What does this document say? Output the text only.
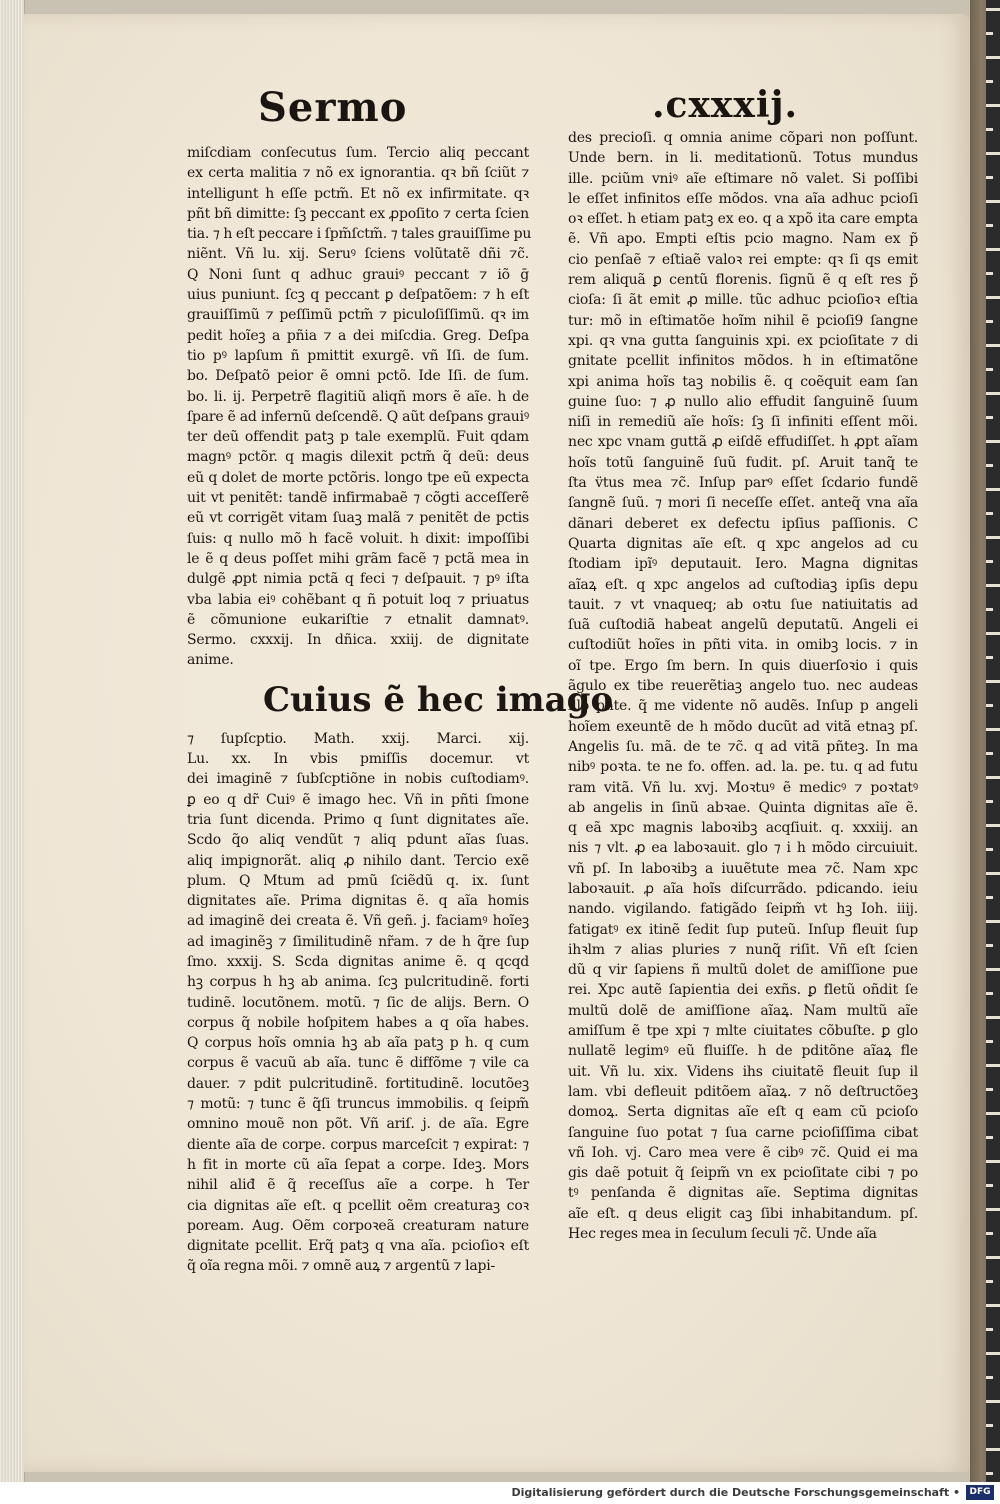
Sermo	.cxxxij.

miſcdiam conſecutus ſum. Tercio aliq peccant

ex certa malitia ⁊ nõ ex ignorantia. qꝛ bñ ſciũt ⁊

intelligunt h eſſe pctm̃. Et nõ ex infirmitate. qꝛ

pñt bñ dimitte: ſꝫ peccant ex ꝓpoſito ⁊ certa ſcien

tia. ⁊ h eſt peccare i ſpm̃ſctm̃. ⁊ tales grauiſſime pu

niẽnt. Vñ lu. xij. Seruꝰ ſciens volũtatẽ dñi ⁊c̃.

Q Noni ſunt q adhuc grauiꝰ peccant ⁊ iõ ḡ

uius puniunt. ſcꝫ q peccant ꝑ deſpatõem: ⁊ h eſt

grauiſſimũ ⁊ peſſimũ pctm̃ ⁊ piculoſiſſimũ. qꝛ im

pedit hoĩeꝫ a pñia ⁊ a dei miſcdia. Greg. Deſpa

tio pꝰ lapſum ñ pmittit exurgẽ. vñ Iſi. de ſum.

bo. Deſpatõ peior ẽ omni pctõ. Ide Iſi. de ſum.

bo. li. ij. Perpetrẽ flagitiũ aliqñ mors ẽ aĩe. h de

ſpare ẽ ad infernũ deſcendẽ. Q aũt deſpans grauiꝰ

ter deũ offendit patꝫ p tale exemplũ. Fuit qdam

magnꝰ pctõr. q magis dilexit pctm̃ q̃ deũ: deus

eũ q dolet de morte pctõris. longo tpe eũ expecta

uit vt penitẽt: tandẽ infirmabaẽ ⁊ cõgti acceſſerẽ

eũ vt corrigẽt vitam ſuaꝫ malã ⁊ penitẽt de pctis

ſuis: q nullo mõ h facẽ voluit. h dixit: impoſſibi

le ẽ q deus poſſet mihi grãm facẽ ⁊ pctã mea in

dulgẽ ꝓpt nimia pctã q feci ⁊ deſpauit. ⁊ pꝰ iſta

vba labia eiꝰ cohẽbant q ñ potuit loq ⁊ priuatus

ẽ cõmunione eukariſtie ⁊ etnalit damnatꝰ.

Sermo. cxxxij. In dñica. xxiij. de dignitate

anime.

Cuius ẽ hec imago

⁊ ſupſcptio. Math. xxij. Marci. xij.

Lu. xx. In vbis pmiſſis docemur. vt

dei imaginẽ ⁊ ſubſcptiõne in nobis cuſtodiamꝰ.

ꝑ eo q dr̃ Cuiꝰ ẽ imago hec. Vñ in pñti ſmone

tria ſunt dicenda. Primo q ſunt dignitates aĩe.

Scdo q̃o aliq vendũt ⁊ aliq pdunt aĩas ſuas.

aliq impignorãt. aliq ꝓ nihilo dant. Tercio exẽ

plum. Q Mtum ad pmũ ſciẽdũ q. ix. ſunt

dignitates aĩe. Prima dignitas ẽ. q aĩa homis

ad imaginẽ dei creata ẽ. Vñ geñ. j. faciamꝰ hoĩeꝫ

ad imaginẽꝫ ⁊ ſimilitudinẽ nr̃am. ⁊ de h q̃re ſup

ſmo. xxxij. S. Scda dignitas anime ẽ. q qcqd

hꝫ corpus h hꝫ ab anima. ſcꝫ pulcritudinẽ. forti

tudinẽ. locutõnem. motũ. ⁊ ſic de alijs. Bern. O

corpus q̃ nobile hoſpitem habes a q oĩa habes.

Q corpus hoĩs omnia hꝫ ab aĩa patꝫ p h. q cum

corpus ẽ vacuũ ab aĩa. tunc ẽ diffõme ⁊ vile ca

dauer. ⁊ pdit pulcritudinẽ. fortitudinẽ. locutõeꝫ

⁊ motũ: ⁊ tunc ẽ q̃ſi truncus immobilis. q ſeipm̃

omnino mouẽ non põt. Vñ ariſ. j. de aĩa. Egre

diente aĩa de corpe. corpus marceſcit ⁊ expirat: ⁊

h fit in morte cũ aĩa ſepat a corpe. Ideꝫ. Mors

nihil aliđ ẽ q̃ receſſus aĩe a corpe. h Ter

cia dignitas aĩe eſt. q pcellit oẽm creaturaꝫ coꝛ

poream. Aug. Oẽm corpoꝛeã creaturam nature

dignitate pcellit. Erq̃ patꝫ q vna aĩa. pcioſioꝛ eſt

q̃ oĩa regna mõi. ⁊ omnẽ auꝝ ⁊ argentũ ⁊ lapi-

des precioſi. q omnia anime cõpari non poſſunt.

Unde bern. in li. meditationũ. Totus mundus

ille. pciũm vniꝰ aĩe eſtimare nõ valet. Si poſſibi

le eſſet infinitos eſſe mõdos. vna aĩa adhuc pcioſi

oꝛ eſſet. h etiam patꝫ ex eo. q a xpõ ita care empta

ẽ. Vñ apo. Empti eſtis pcio magno. Nam ex p̃

cio penſaẽ ⁊ eſtiaẽ valoꝛ rei empte: qꝛ ſi qs emit

rem aliquã ꝑ centũ florenis. ſignũ ẽ q eſt res p̃

cioſa: ſi ãt emit ꝓ mille. tũc adhuc pcioſioꝛ eſtia

tur: mõ in eſtimatõe hoĩm nihil ẽ pcioſi9 ſangne

xpi. qꝛ vna gutta ſanguinis xpi. ex pcioſitate ⁊ di

gnitate pcellit infinitos mõdos. h in eſtimatõne

xpi anima hoĩs taꝫ nobilis ẽ. q coẽquit eam ſan

guine ſuo: ⁊ ꝓ nullo alio effudit ſanguinẽ ſuum

niſi in remediũ aĩe hoĩs: ſꝫ ſi infiniti eſſent mõi.

nec xpc vnam guttã ꝓ eiſdẽ effudiſſet. h ꝓpt aĩam

hoĩs totũ ſanguinẽ ſuũ fudit. pſ. Aruit tanq̃ te

ſta v̈tus mea ⁊c̃. Inſup parꝰ eſſet ſcdario fundẽ

ſangnẽ ſuũ. ⁊ mori ſi neceſſe eſſet. anteq̃ vna aĩa

dãnari deberet ex defectu ipſius paſſionis. C

Quarta dignitas aĩe eſt. q xpc angelos ad cu

ſtodiam ipĩꝰ deputauit. Iero. Magna dignitas

aĩaꝝ eſt. q xpc angelos ad cuſtodiaꝫ ipſis depu

tauit. ⁊ vt vnaqueq; ab oꝛtu ſue natiuitatis ad

ſuã cuſtodiã habeat angelũ deputatũ. Angeli ei

cuſtodiũt hoĩes in pñti vita. in omibꝫ locis. ⁊ in

oĩ tpe. Ergo ſm bern. In quis diuerſoꝛio i quis

ãgulo ex tibe reuerẽtiaꝫ angelo tuo. nec audeas

illo pñte. q̃ me vidente nõ audẽs. Inſup p angeli

hoĩem exeuntẽ de h mõdo ducũt ad vitã etnaꝫ pſ.

Angelis ſu. mã. de te ⁊c̃. q ad vitã pñteꝫ. In ma

nibꝰ poꝛta. te ne fo. offen. ad. la. pe. tu. q ad futu

ram vitã. Vñ lu. xvj. Moꝛtuꝰ ẽ medicꝰ ⁊ poꝛtatꝰ

ab angelis in ſinũ abꝛae. Quinta dignitas aĩe ẽ.

q eã xpc magnis laboꝛibꝫ acqſiuit. q. xxxiij. an

nis ⁊ vlt. ꝓ ea laboꝛauit. glo ⁊ i h mõdo circuiuit.

vñ pſ. In laboꝛibꝫ a iuuẽtute mea ⁊c̃. Nam xpc

laboꝛauit. ꝓ aĩa hoĩs diſcurrãdo. pdicando. ieiu

nando. vigilando. fatigãdo ſeipm̃ vt hꝫ Ioh. iiij.

fatigatꝰ ex itinẽ ſedit ſup puteũ. Inſup fleuit ſup

ihꝛlm ⁊ alias pluries ⁊ nunq̃ riſit. Vñ eſt ſcien

dũ q vir ſapiens ñ multũ dolet de amiſſione pue

rei. Xpc autẽ ſapientia dei exñs. ꝑ fletũ oñdit ſe

multũ dolẽ de amiſſione aĩaꝝ. Nam multũ aĩe

amiſſum ẽ tpe xpi ⁊ mlte ciuitates cõbuſte. ꝑ glo

nullatẽ legimꝰ eũ fluiſſe. h de pditõne aĩaꝝ fle

uit. Vñ lu. xix. Videns ihs ciuitatẽ fleuit ſup il

lam. vbi defleuit pditõem aĩaꝝ. ⁊ nõ deſtructõeꝫ

domoꝝ. Serta dignitas aĩe eſt q eam cũ pcioſo

ſanguine ſuo potat ⁊ ſua carne pcioſiſſima cibat

vñ Ioh. vj. Caro mea vere ẽ cibꝰ ⁊c̃. Quid ei ma

gis daẽ potuit q̃ ſeipm̃ vn ex pcioſitate cibi ⁊ po

tꝰ penſanda ẽ dignitas aĩe. Septima dignitas

aĩe eſt. q deus eligit caꝫ ſibi inhabitandum. pſ.

Hec reges mea in ſeculum ſeculi ⁊c̃. Unde aĩa

Digitalisierung gefördert durch die Deutsche Forschungsgemeinschaft •	DFG
